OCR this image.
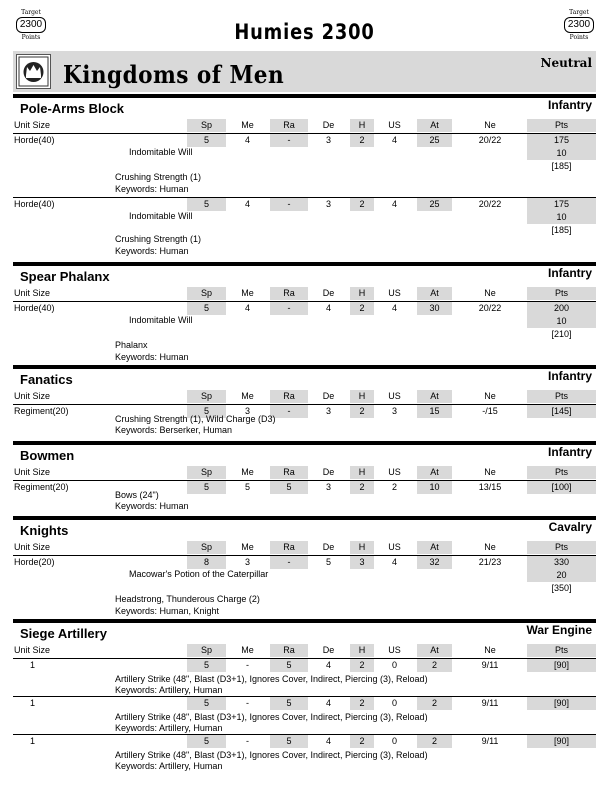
Target
2300
Points
Target
2300
Points
Humies 2300
Kingdoms of Men	Neutral
Pole-Arms Block	Infantry
Unit Size	Sp	Me	Ra	De	H	US	At	Ne	Pts
Horde(40)	5	4	-	3	2	4	25	20/22	175
10
[185]
Indomitable Will
Crushing Strength (1)
Keywords: Human
Horde(40)	5	4	-	3	2	4	25	20/22	175
10
[185]
Indomitable Will
Crushing Strength (1)
Keywords: Human
Spear Phalanx	Infantry
Unit Size	Sp	Me	Ra	De	H	US	At	Ne	Pts
Horde(40)	5	4	-	4	2	4	30	20/22	200
10
[210]
Indomitable Will
Phalanx
Keywords: Human
Fanatics	Infantry
Unit Size	Sp	Me	Ra	De	H	US	At	Ne	Pts
Regiment(20)	5	3	-	3	2	3	15	-/15	[145]
Crushing Strength (1), Wild Charge (D3)
Keywords: Berserker, Human
Bowmen	Infantry
Unit Size	Sp	Me	Ra	De	H	US	At	Ne	Pts
Regiment(20)	5	5	5	3	2	2	10	13/15	[100]
Bows (24")
Keywords: Human
Knights	Cavalry
Unit Size	Sp	Me	Ra	De	H	US	At	Ne	Pts
Horde(20)	8	3	-	5	3	4	32	21/23	330
20
[350]
Macowar's Potion of the Caterpillar
Headstrong, Thunderous Charge (2)
Keywords: Human, Knight
Siege Artillery	War Engine
Unit Size	Sp	Me	Ra	De	H	US	At	Ne	Pts
1	5	-	5	4	2	0	2	9/11	[90]
Artillery Strike (48", Blast (D3+1), Ignores Cover, Indirect, Piercing (3), Reload)
Keywords: Artillery, Human
1	5	-	5	4	2	0	2	9/11	[90]
Artillery Strike (48", Blast (D3+1), Ignores Cover, Indirect, Piercing (3), Reload)
Keywords: Artillery, Human
1	5	-	5	4	2	0	2	9/11	[90]
Artillery Strike (48", Blast (D3+1), Ignores Cover, Indirect, Piercing (3), Reload)
Keywords: Artillery, Human
